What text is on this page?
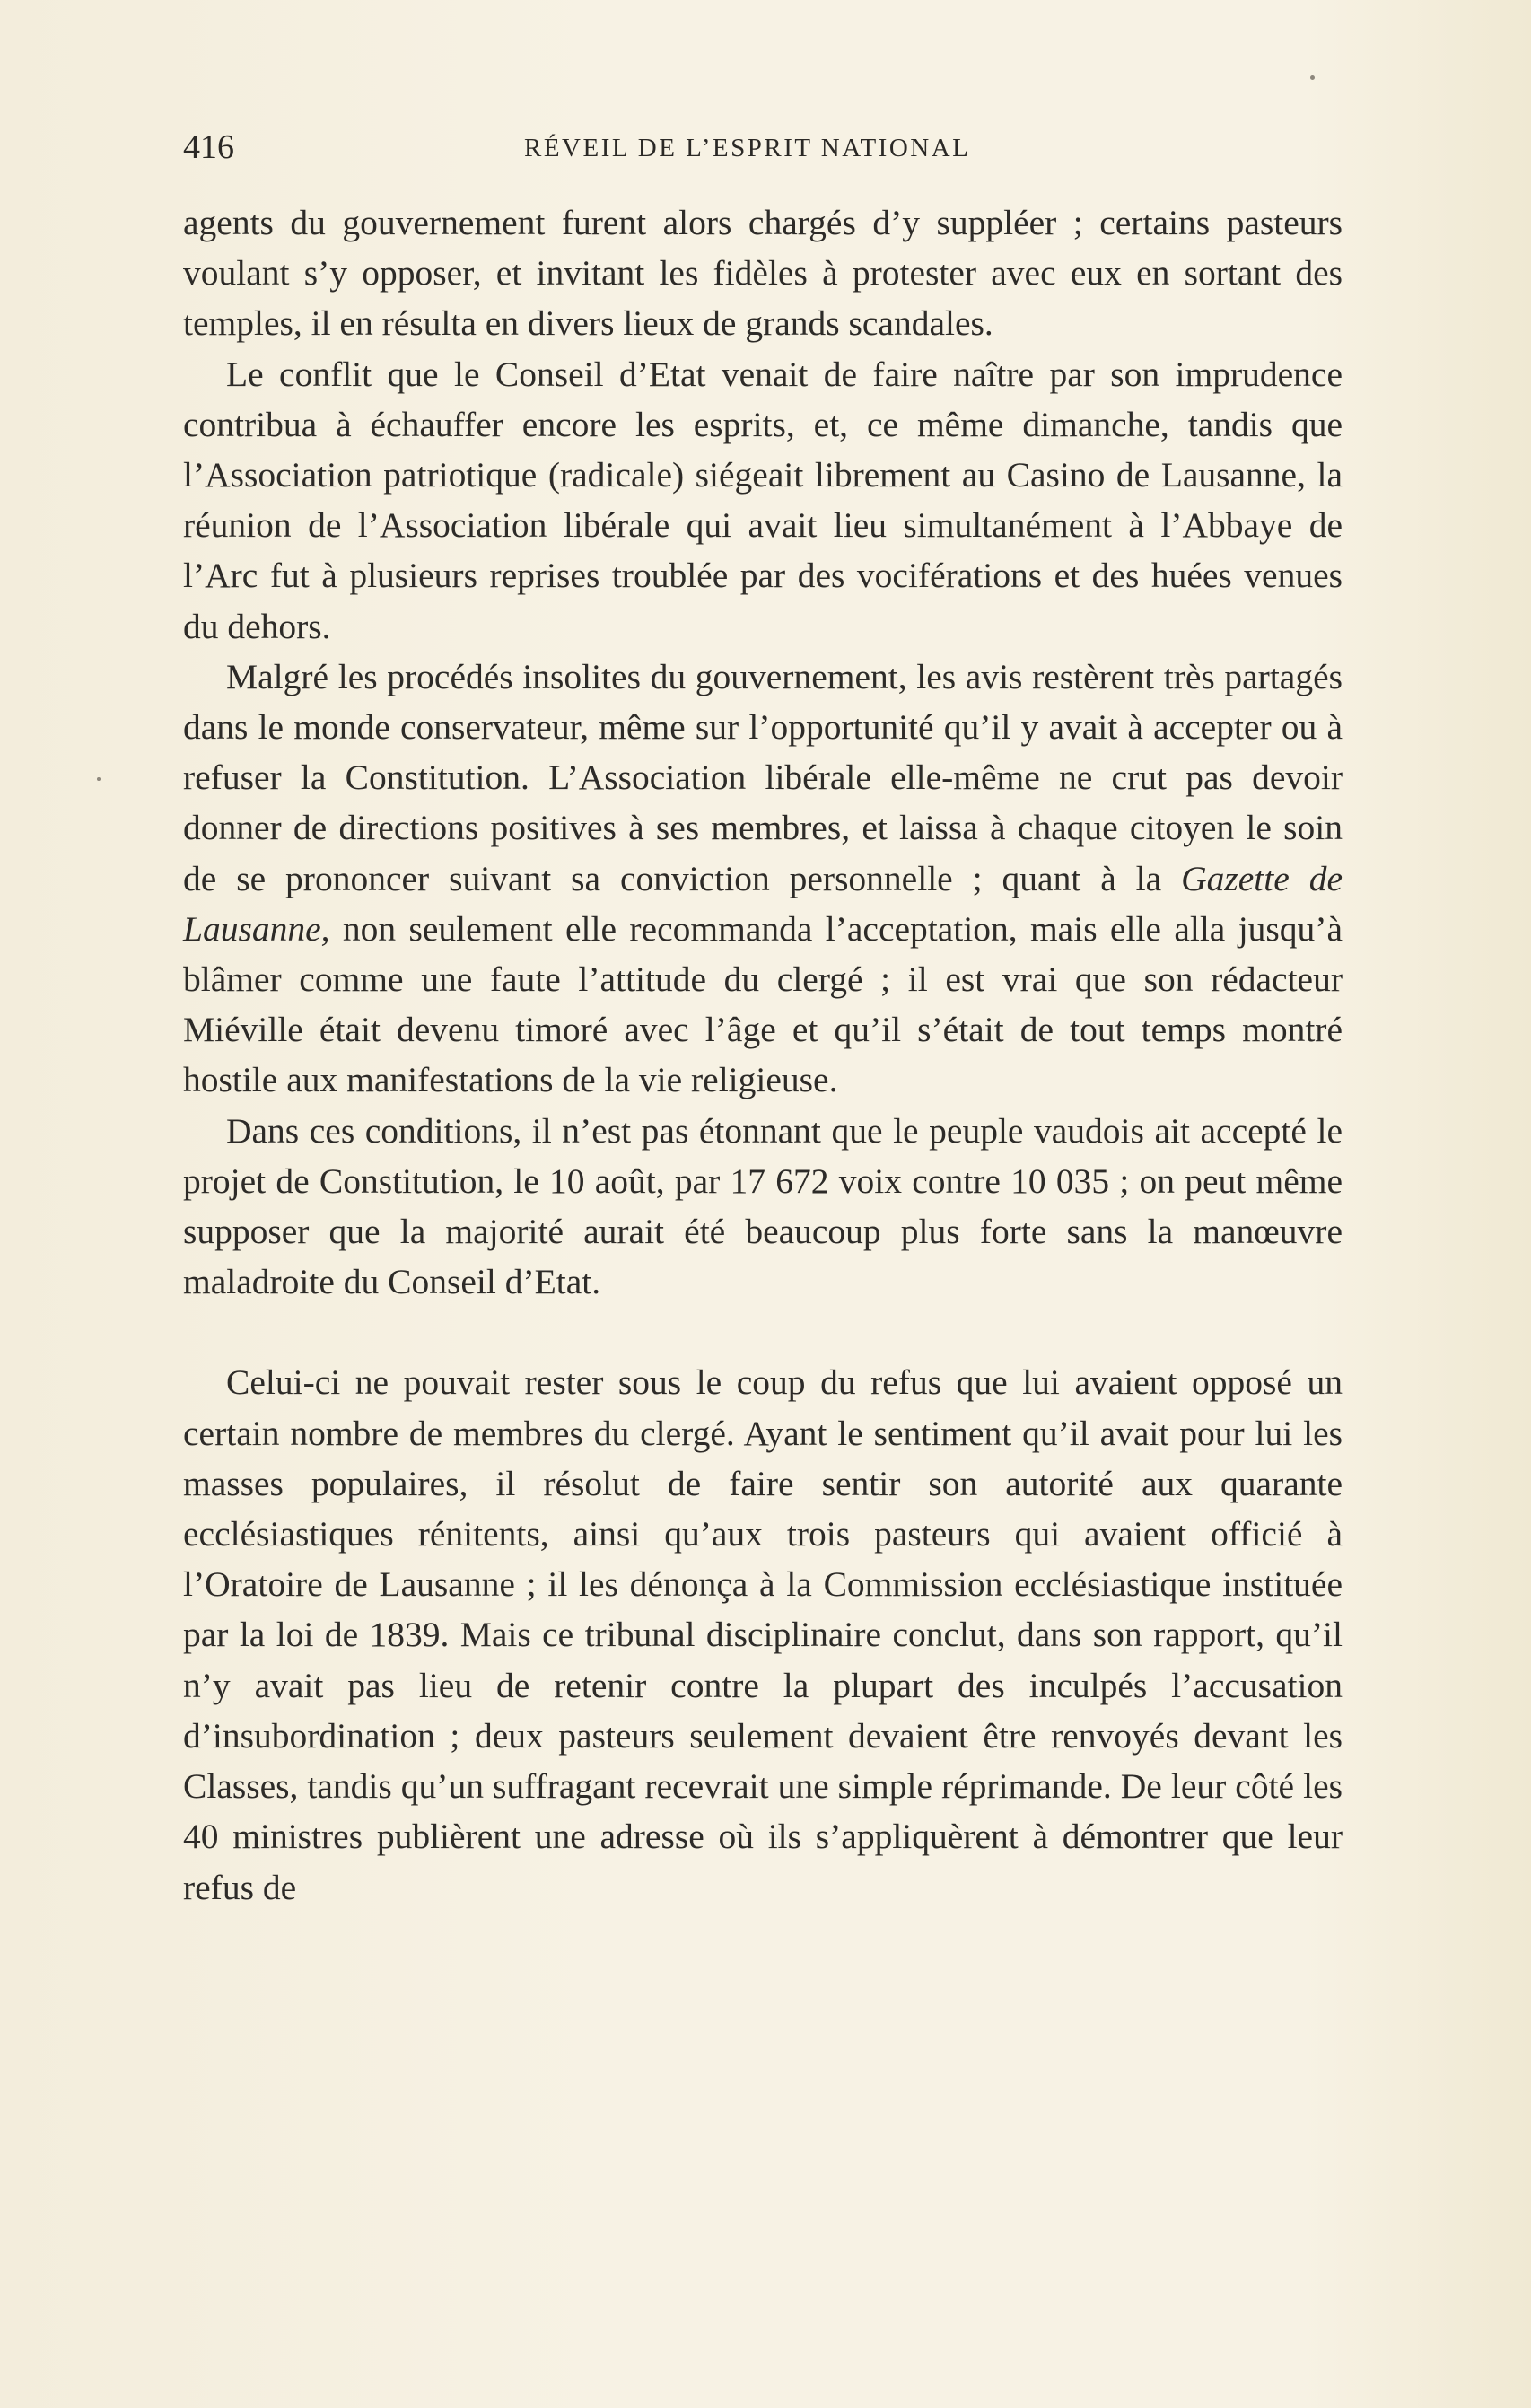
416	RÉVEIL DE L’ESPRIT NATIONAL

agents du gouvernement furent alors chargés d’y suppléer ; certains pasteurs voulant s’y opposer, et invitant les fidèles à protester avec eux en sortant des temples, il en résulta en divers lieux de grands scandales.

Le conflit que le Conseil d’Etat venait de faire naître par son imprudence contribua à échauffer encore les esprits, et, ce même dimanche, tandis que l’Association patriotique (radicale) siégeait librement au Casino de Lausanne, la réunion de l’Association libérale qui avait lieu simultanément à l’Abbaye de l’Arc fut à plusieurs reprises troublée par des vociférations et des huées venues du dehors.

Malgré les procédés insolites du gouvernement, les avis restèrent très partagés dans le monde conservateur, même sur l’opportunité qu’il y avait à accepter ou à refuser la Constitution. L’Association libérale elle-même ne crut pas devoir donner de directions positives à ses membres, et laissa à chaque citoyen le soin de se prononcer suivant sa conviction personnelle ; quant à la Gazette de Lausanne, non seulement elle recommanda l’acceptation, mais elle alla jusqu’à blâmer comme une faute l’attitude du clergé ; il est vrai que son rédacteur Miéville était devenu timoré avec l’âge et qu’il s’était de tout temps montré hostile aux manifestations de la vie religieuse.

Dans ces conditions, il n’est pas étonnant que le peuple vaudois ait accepté le projet de Constitution, le 10 août, par 17 672 voix contre 10 035 ; on peut même supposer que la majorité aurait été beaucoup plus forte sans la manœuvre maladroite du Conseil d’Etat.

Celui-ci ne pouvait rester sous le coup du refus que lui avaient opposé un certain nombre de membres du clergé. Ayant le sentiment qu’il avait pour lui les masses populaires, il résolut de faire sentir son autorité aux quarante ecclésiastiques rénitents, ainsi qu’aux trois pasteurs qui avaient officié à l’Oratoire de Lausanne ; il les dénonça à la Commission ecclésiastique instituée par la loi de 1839. Mais ce tribunal disciplinaire conclut, dans son rapport, qu’il n’y avait pas lieu de retenir contre la plupart des inculpés l’accusation d’insubordination ; deux pasteurs seulement devaient être renvoyés devant les Classes, tandis qu’un suffragant recevrait une simple réprimande. De leur côté les 40 ministres publièrent une adresse où ils s’appliquèrent à démontrer que leur refus de
